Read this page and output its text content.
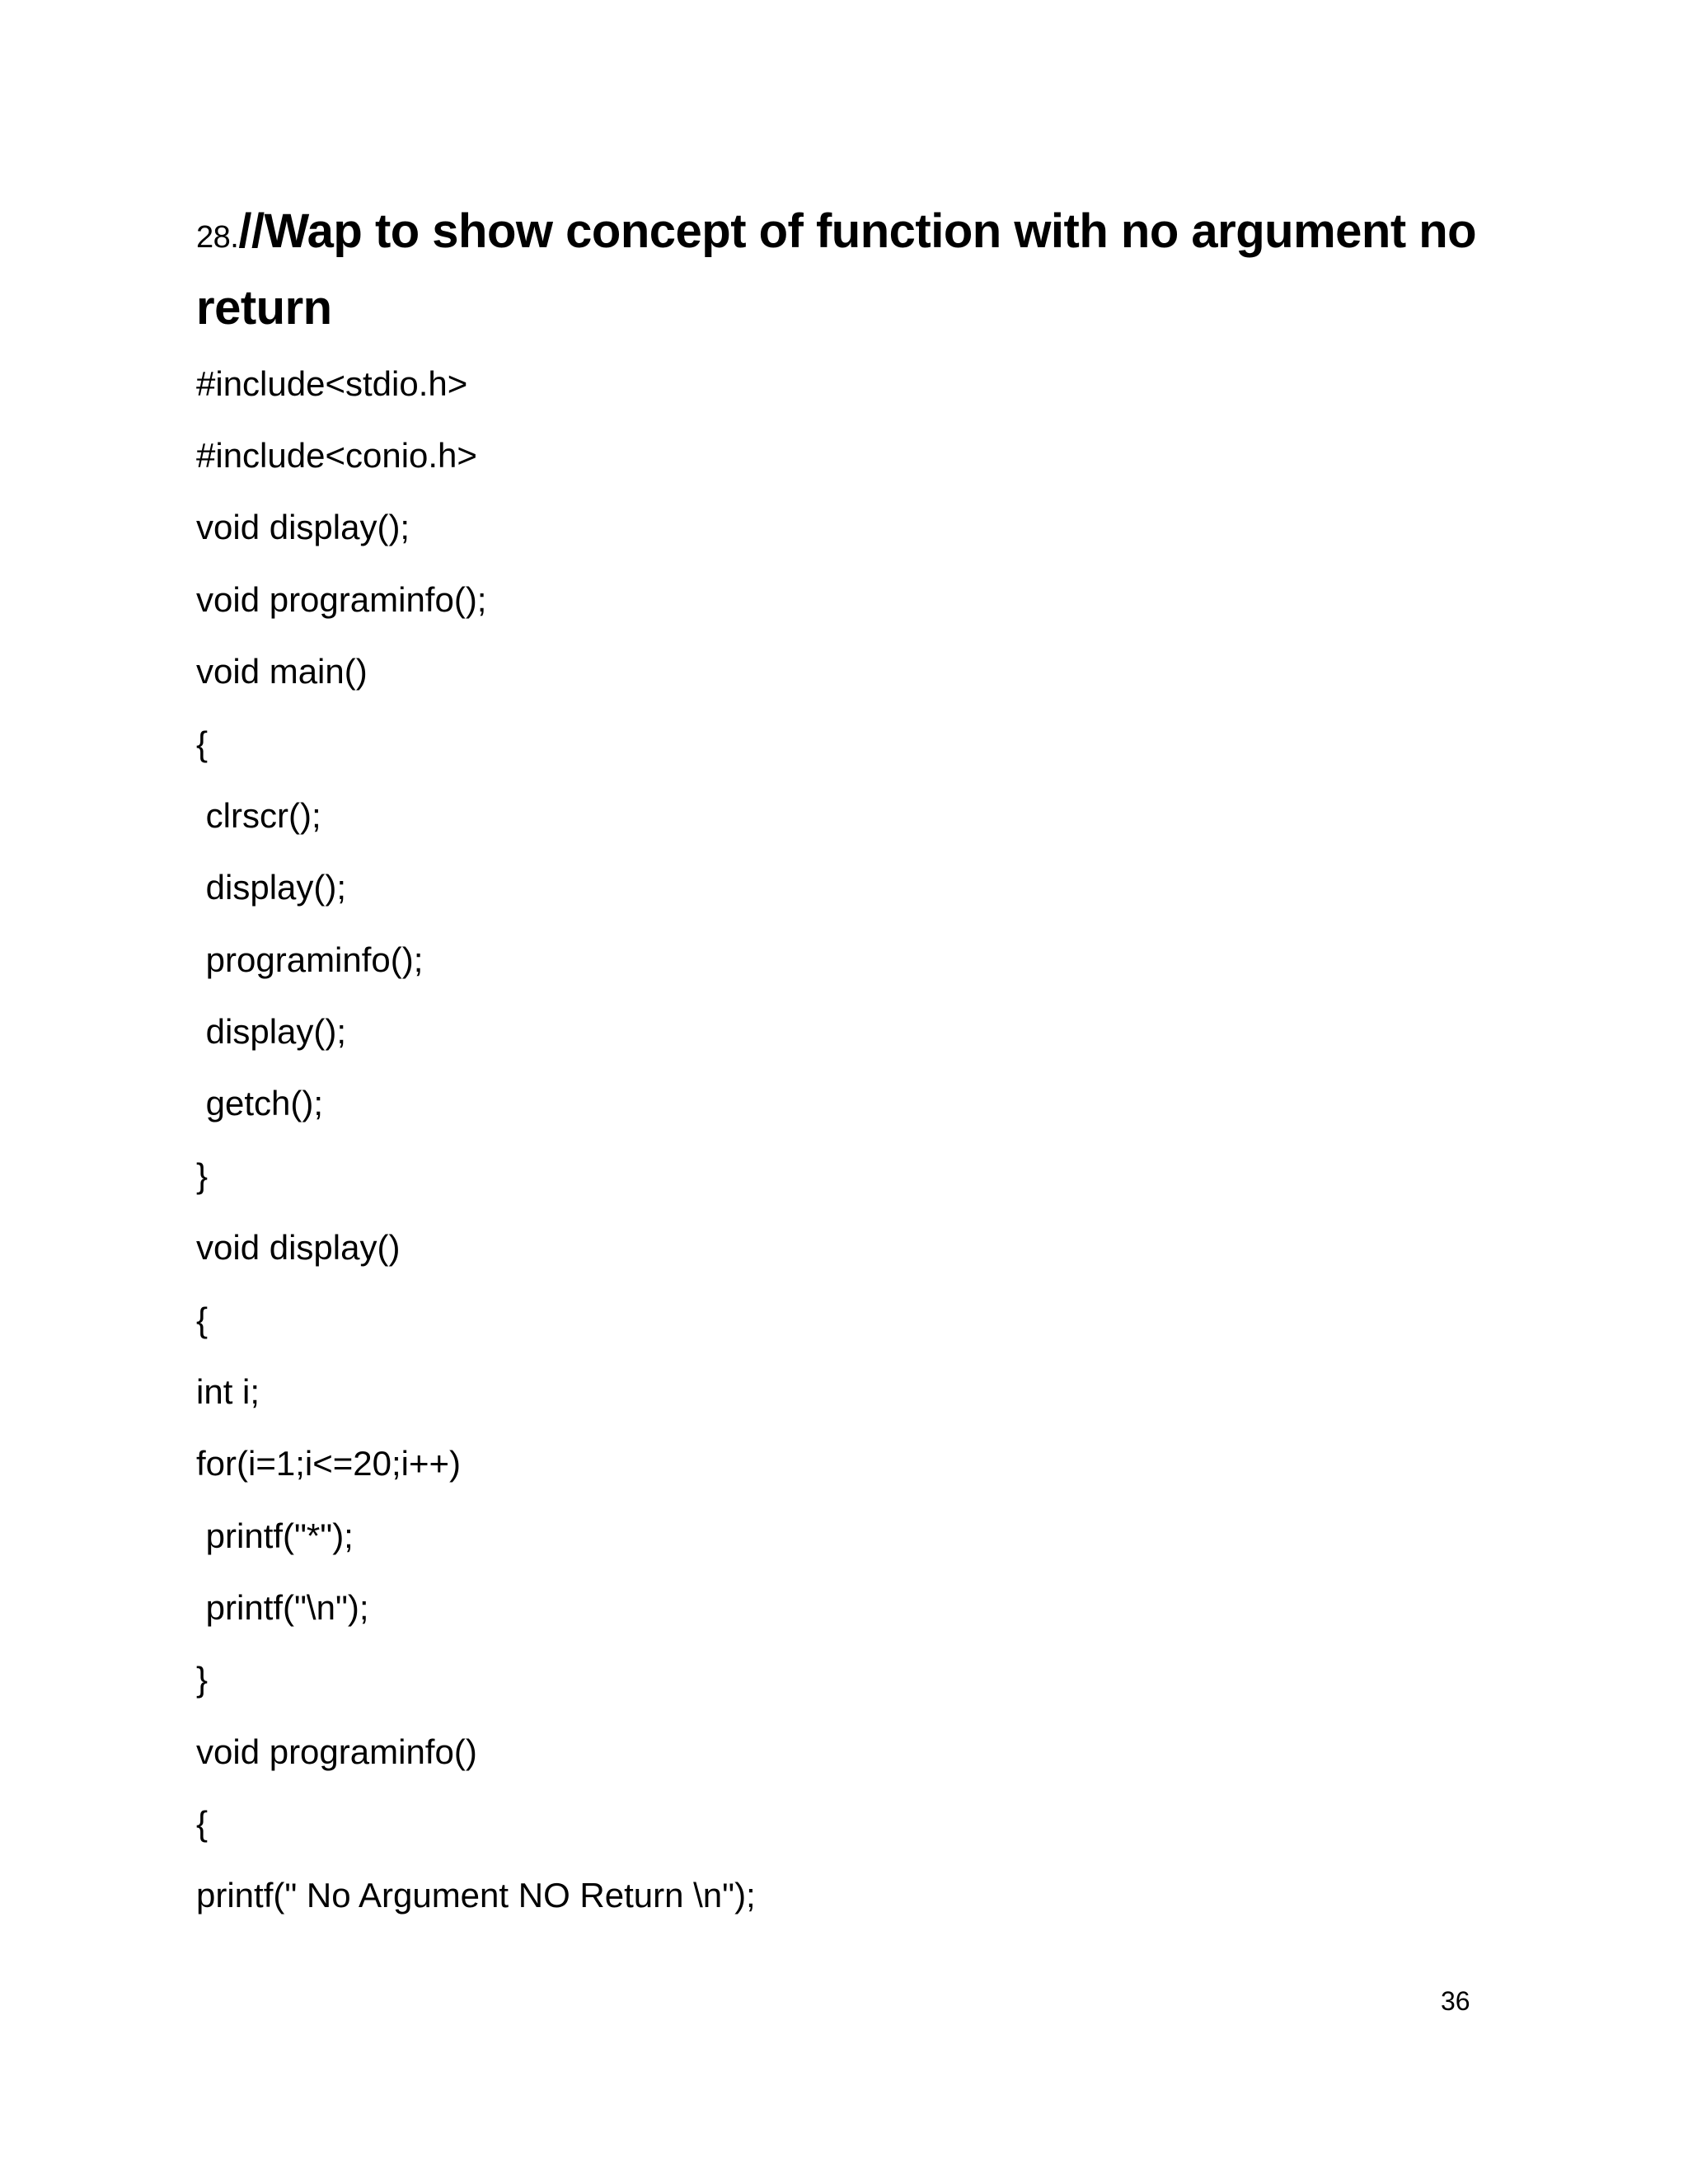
28.//Wap to show concept of function with no argument no return

#include<stdio.h>

#include<conio.h>

void display();

void programinfo();

void main()

{

clrscr();

display();

programinfo();

display();

getch();

}

void display()

{

int i;

for(i=1;i<=20;i++)

printf("*");

printf("\n");

}

void programinfo()

{

printf(" No Argument NO Return \n");

36
